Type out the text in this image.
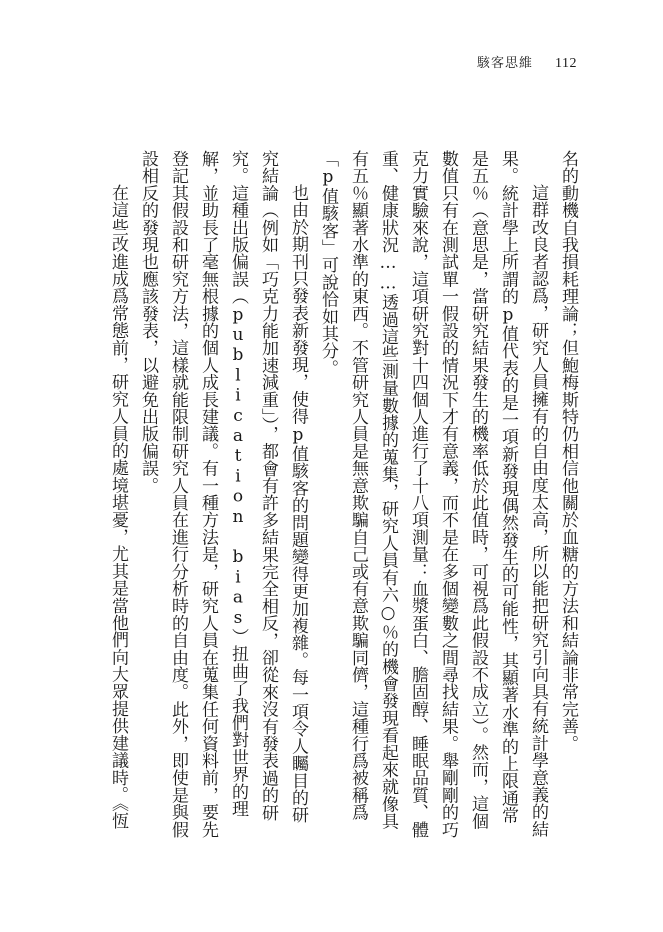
駭客思維 112

名的動機自我損耗理論；但鮑梅斯特仍相信他關於血糖的方法和結論非常完善。

這群改良者認爲，研究人員擁有的自由度太高，所以能把研究引向具有統計學意義的結果。統計學上所謂的p值代表的是一項新發現偶然發生的可能性，其顯著水準的上限通常是五％（意思是，當研究結果發生的機率低於此值時，可視爲此假設不成立）。然而，這個數值只有在測試單一假設的情況下才有意義，而不是在多個變數之間尋找結果。舉剛剛的巧克力實驗來說，這項研究對十四個人進行了十八項測量：血漿蛋白、膽固醇、睡眠品質、體重、健康狀況……透過這些測量數據的蒐集，研究人員有六○％的機會發現看起來就像具有五％顯著水準的東西。不管研究人員是無意欺騙自己或有意欺騙同儕，這種行爲被稱爲「p值駭客」可說恰如其分。

也由於期刊只發表新發現，使得p值駭客的問題變得更加複雜。每一項令人矚目的研究結論（例如「巧克力能加速減重」），都會有許多結果完全相反，卻從來沒有發表過的研究。這種出版偏誤（publication bias）扭曲了我們對世界的理解，並助長了毫無根據的個人成長建議。有一種方法是，研究人員在蒐集任何資料前，要先登記其假設和研究方法，這樣就能限制研究人員在進行分析時的自由度。此外，即使是與假設相反的發現也應該發表，以避免出版偏誤。

在這些改進成爲常態前，研究人員的處境堪憂，尤其是當他們向大眾提供建議時。《恆
